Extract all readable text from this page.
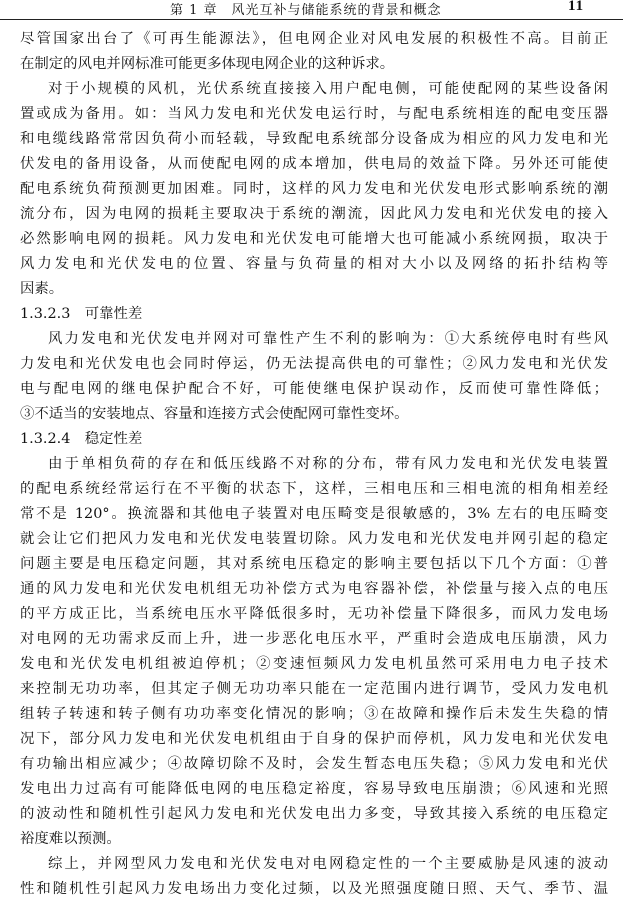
第 1 章　风光互补与储能系统的背景和概念	11
尽管国家出台了《可再生能源法》，但电网企业对风电发展的积极性不高。目前正
在制定的风电并网标准可能更多体现电网企业的这种诉求。
对于小规模的风机，光伏系统直接接入用户配电侧，可能使配网的某些设备闲
置或成为备用。如：当风力发电和光伏发电运行时，与配电系统相连的配电变压器
和电缆线路常常因负荷小而轻载，导致配电系统部分设备成为相应的风力发电和光
伏发电的备用设备，从而使配电网的成本增加，供电局的效益下降。另外还可能使
配电系统负荷预测更加困难。同时，这样的风力发电和光伏发电形式影响系统的潮
流分布，因为电网的损耗主要取决于系统的潮流，因此风力发电和光伏发电的接入
必然影响电网的损耗。风力发电和光伏发电可能增大也可能减小系统网损，取决于
风力发电和光伏发电的位置、容量与负荷量的相对大小以及网络的拓扑结构等
因素。
1.3.2.3　可靠性差
风力发电和光伏发电并网对可靠性产生不利的影响为：①大系统停电时有些风
力发电和光伏发电也会同时停运，仍无法提高供电的可靠性；②风力发电和光伏发
电与配电网的继电保护配合不好，可能使继电保护误动作，反而使可靠性降低；
③不适当的安装地点、容量和连接方式会使配网可靠性变坏。
1.3.2.4　稳定性差
由于单相负荷的存在和低压线路不对称的分布，带有风力发电和光伏发电装置
的配电系统经常运行在不平衡的状态下，这样，三相电压和三相电流的相角相差经
常不是 120°。换流器和其他电子装置对电压畸变是很敏感的，3% 左右的电压畸变
就会让它们把风力发电和光伏发电装置切除。风力发电和光伏发电并网引起的稳定
问题主要是电压稳定问题，其对系统电压稳定的影响主要包括以下几个方面：①普
通的风力发电和光伏发电机组无功补偿方式为电容器补偿，补偿量与接入点的电压
的平方成正比，当系统电压水平降低很多时，无功补偿量下降很多，而风力发电场
对电网的无功需求反而上升，进一步恶化电压水平，严重时会造成电压崩溃，风力
发电和光伏发电机组被迫停机；②变速恒频风力发电机虽然可采用电力电子技术
来控制无功功率，但其定子侧无功功率只能在一定范围内进行调节，受风力发电机
组转子转速和转子侧有功功率变化情况的影响；③在故障和操作后未发生失稳的情
况下，部分风力发电和光伏发电机组由于自身的保护而停机，风力发电和光伏发电
有功输出相应减少；④故障切除不及时，会发生暂态电压失稳；⑤风力发电和光伏
发电出力过高有可能降低电网的电压稳定裕度，容易导致电压崩溃；⑥风速和光照
的波动性和随机性引起风力发电和光伏发电出力多变，导致其接入系统的电压稳定
裕度难以预测。
综上，并网型风力发电和光伏发电对电网稳定性的一个主要威胁是风速的波动
性和随机性引起风力发电场出力变化过频，以及光照强度随日照、天气、季节、温
